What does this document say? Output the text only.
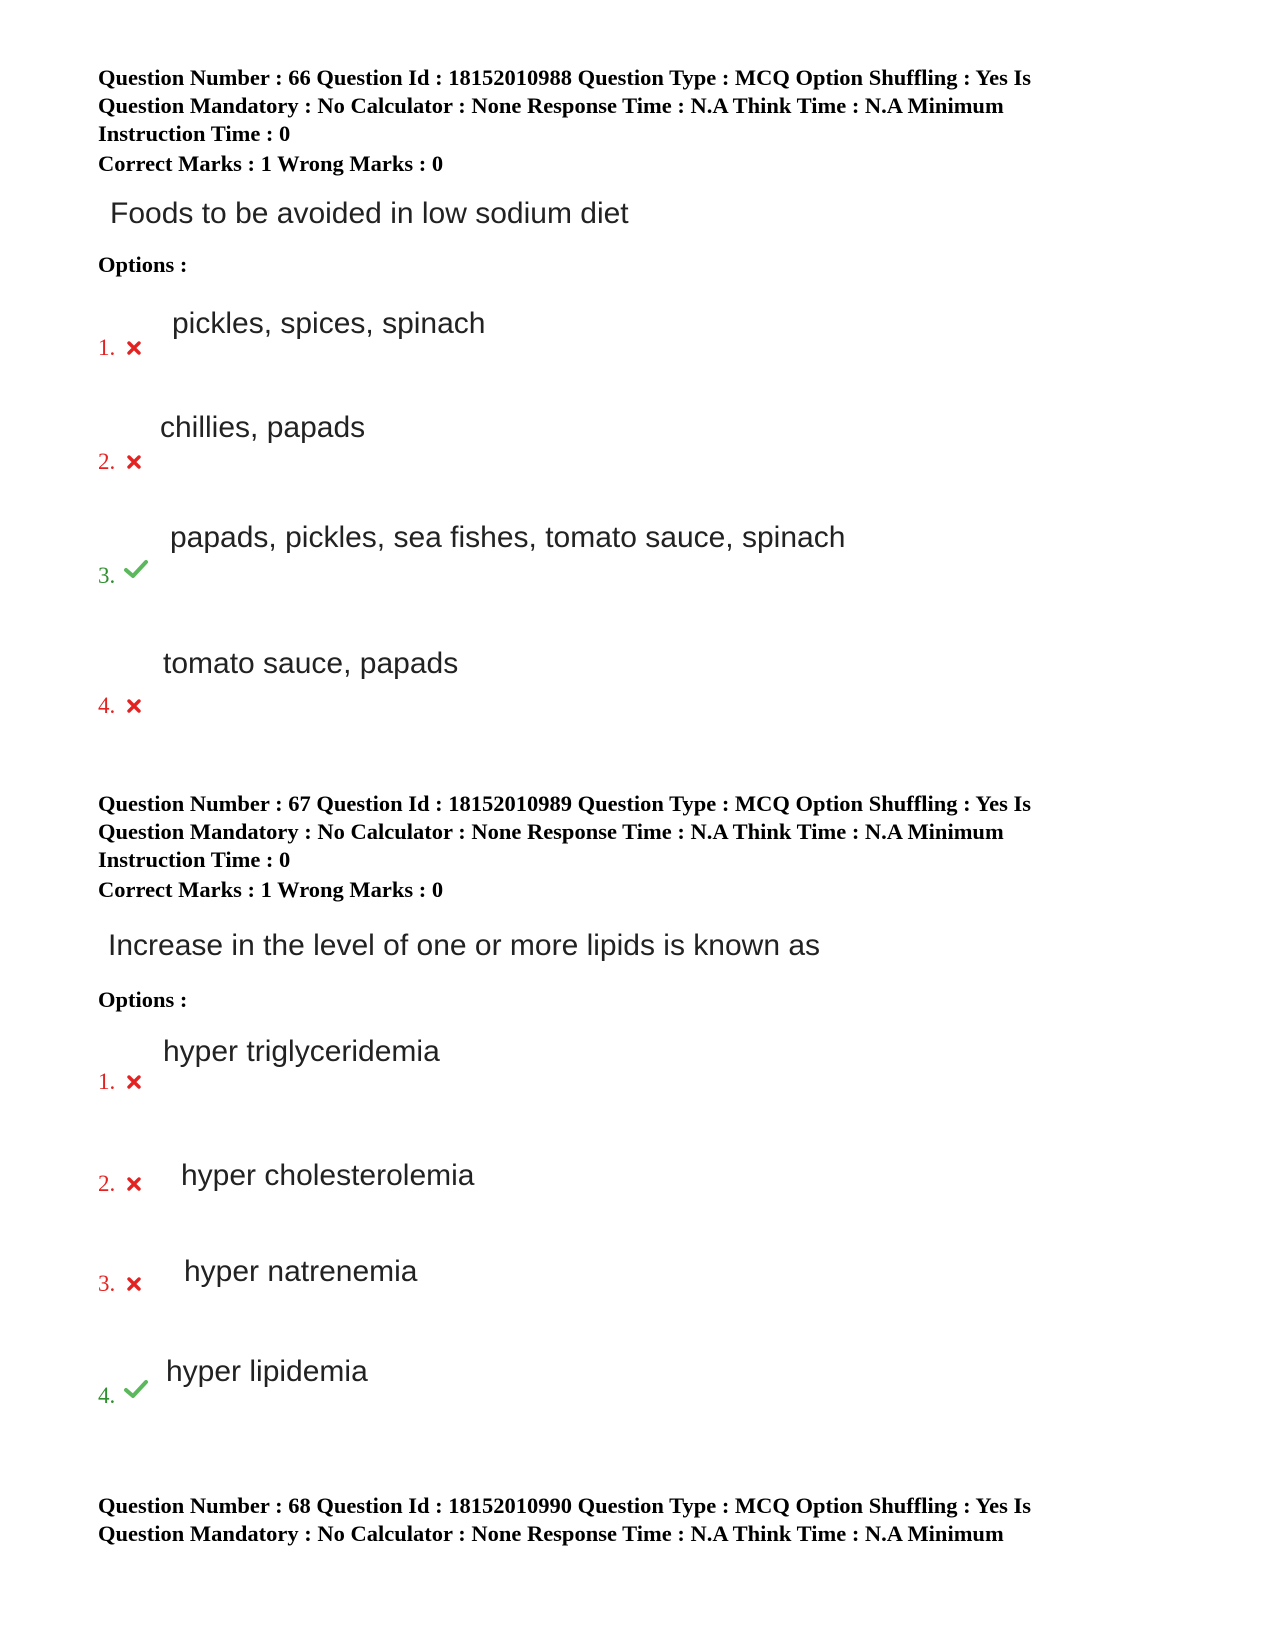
Question Number : 66 Question Id : 18152010988 Question Type : MCQ Option Shuffling : Yes Is
Question Mandatory : No Calculator : None Response Time : N.A Think Time : N.A Minimum
Instruction Time : 0
Correct Marks : 1 Wrong Marks : 0
Foods to be avoided in low sodium diet
Options :
1.
pickles, spices, spinach
2.
chillies, papads
3.
papads, pickles, sea fishes, tomato sauce, spinach
4.
tomato sauce, papads
Question Number : 67 Question Id : 18152010989 Question Type : MCQ Option Shuffling : Yes Is
Question Mandatory : No Calculator : None Response Time : N.A Think Time : N.A Minimum
Instruction Time : 0
Correct Marks : 1 Wrong Marks : 0
Increase in the level of one or more lipids is known as
Options :
1.
hyper triglyceridemia
2. hyper cholesterolemia
3. hyper natrenemia
4.
hyper lipidemia
Question Number : 68 Question Id : 18152010990 Question Type : MCQ Option Shuffling : Yes Is
Question Mandatory : No Calculator : None Response Time : N.A Think Time : N.A Minimum
